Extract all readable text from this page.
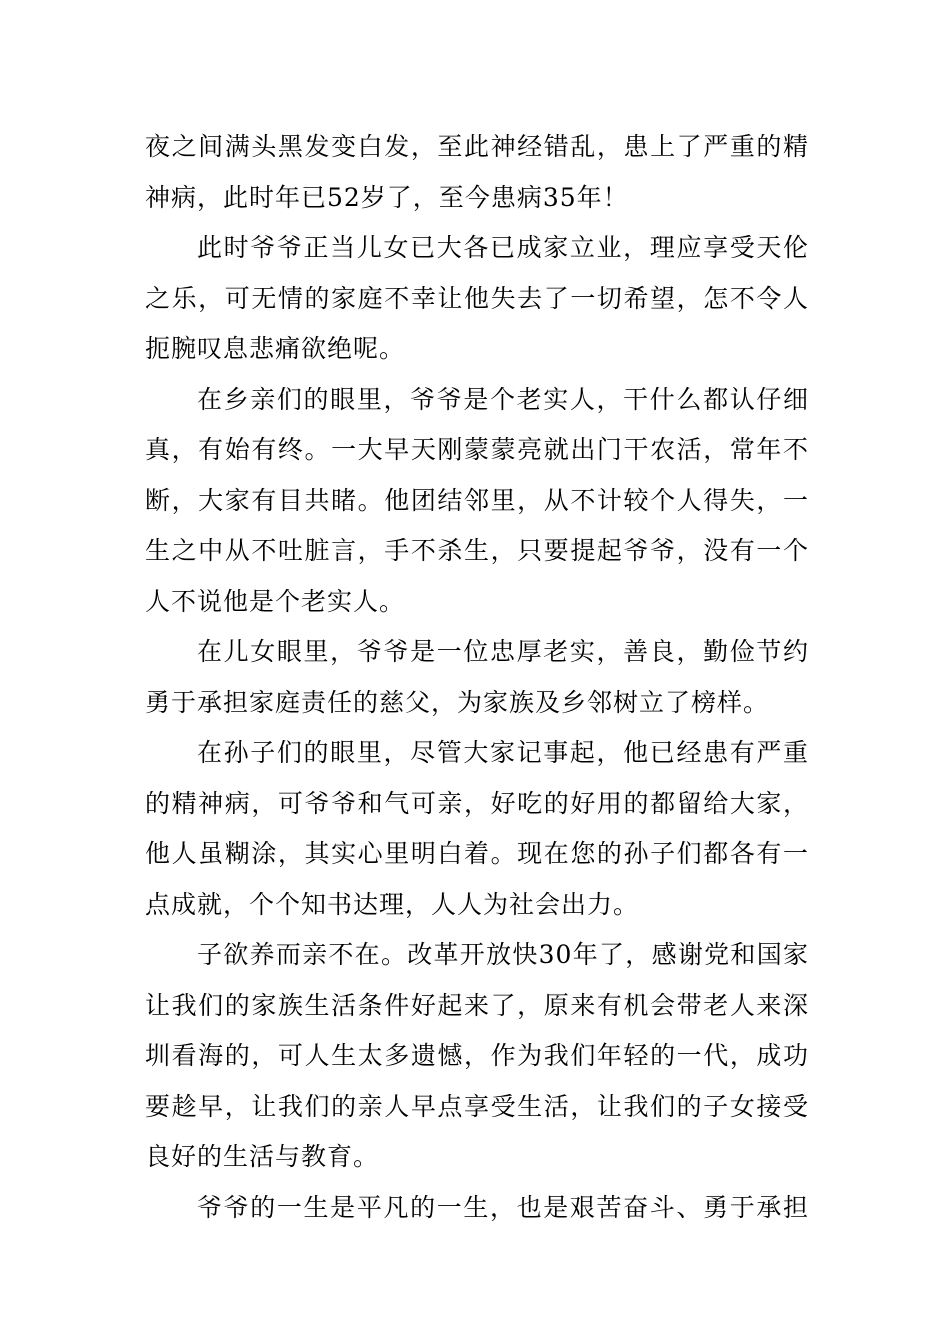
夜之间满头黑发变白发，至此神经错乱，患上了严重的精神病，此时年已52岁了，至今患病35年！

此时爷爷正当儿女已大各已成家立业，理应享受天伦之乐，可无情的家庭不幸让他失去了一切希望，怎不令人扼腕叹息悲痛欲绝呢。

在乡亲们的眼里，爷爷是个老实人，干什么都认仔细真，有始有终。一大早天刚蒙蒙亮就出门干农活，常年不断，大家有目共睹。他团结邻里，从不计较个人得失，一生之中从不吐脏言，手不杀生，只要提起爷爷，没有一个人不说他是个老实人。

在儿女眼里，爷爷是一位忠厚老实，善良，勤俭节约勇于承担家庭责任的慈父，为家族及乡邻树立了榜样。

在孙子们的眼里，尽管大家记事起，他已经患有严重的精神病，可爷爷和气可亲，好吃的好用的都留给大家，他人虽糊涂，其实心里明白着。现在您的孙子们都各有一点成就，个个知书达理，人人为社会出力。

子欲养而亲不在。改革开放快30年了，感谢党和国家让我们的家族生活条件好起来了，原来有机会带老人来深圳看海的，可人生太多遗憾，作为我们年轻的一代，成功要趁早，让我们的亲人早点享受生活，让我们的子女接受良好的生活与教育。

爷爷的一生是平凡的一生，也是艰苦奋斗、勇于承担
